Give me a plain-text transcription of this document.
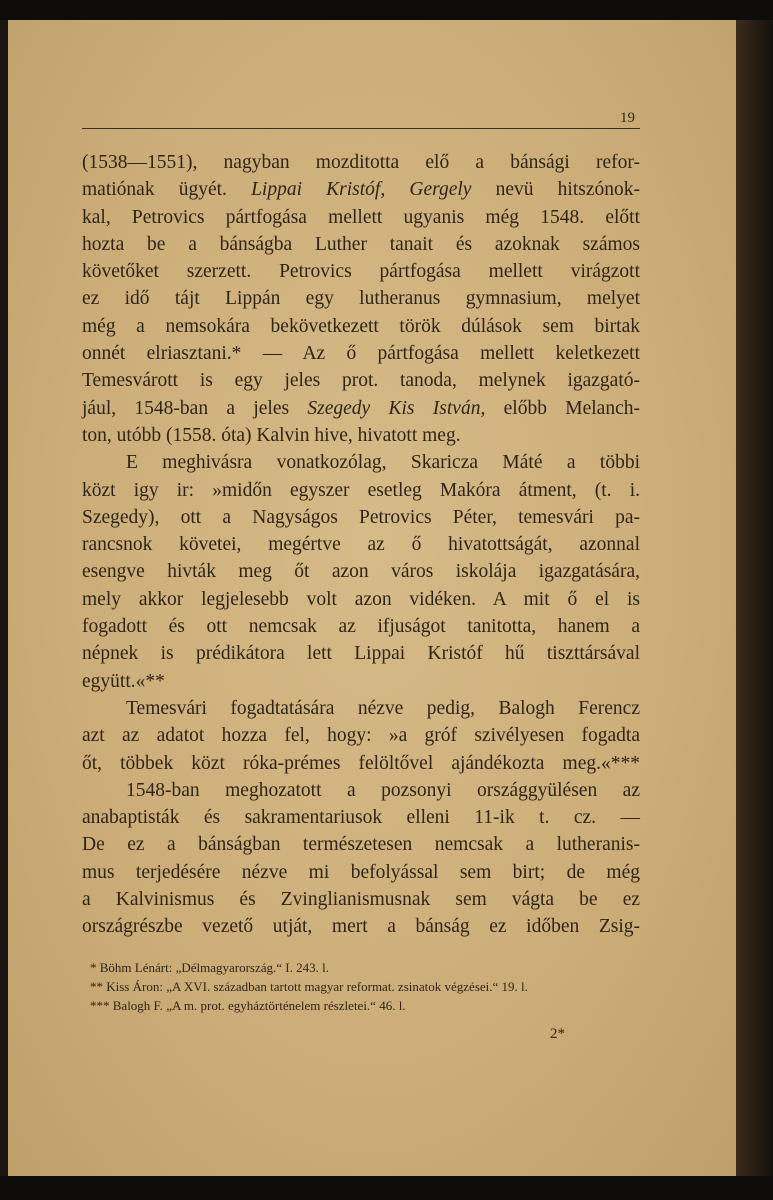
19
(1538—1551), nagyban mozditotta elő a bánsági refor-
matiónak ügyét. Lippai Kristóf, Gergely nevü hitszónok-
kal, Petrovics pártfogása mellett ugyanis még 1548. előtt
hozta be a bánságba Luther tanait és azoknak számos
követőket szerzett. Petrovics pártfogása mellett virágzott
ez idő tájt Lippán egy lutheranus gymnasium, melyet
még a nemsokára bekövetkezett török dúlások sem birtak
onnét elriasztani.* — Az ő pártfogása mellett keletkezett
Temesvárott is egy jeles prot. tanoda, melynek igazgató-
jául, 1548-ban a jeles Szegedy Kis István, előbb Melanch-
ton, utóbb (1558. óta) Kalvin hive, hivatott meg.
E meghivásra vonatkozólag, Skaricza Máté a többi
közt igy ir: »midőn egyszer esetleg Makóra átment, (t. i.
Szegedy), ott a Nagyságos Petrovics Péter, temesvári pa-
rancsnok követei, megértve az ő hivatottságát, azonnal
esengve hivták meg őt azon város iskolája igazgatására,
mely akkor legjelesebb volt azon vidéken. A mit ő el is
fogadott és ott nemcsak az ifjuságot tanitotta, hanem a
népnek is prédikátora lett Lippai Kristóf hű tiszttársával
együtt.«**
Temesvári fogadtatására nézve pedig, Balogh Ferencz
azt az adatot hozza fel, hogy: »a gróf szivélyesen fogadta
őt, többek közt róka-prémes felöltővel ajándékozta meg.«***
1548-ban meghozatott a pozsonyi országgyülésen az
anabaptisták és sakramentariusok elleni 11-ik t. cz. —
De ez a bánságban természetesen nemcsak a lutheranis-
mus terjedésére nézve mi befolyással sem birt; de még
a Kalvinismus és Zvinglianismusnak sem vágta be ez
országrészbe vezető utját, mert a bánság ez időben Zsig-
* Böhm Lénárt: „Délmagyarország.“ I. 243. l.
** Kiss Áron: „A XVI. században tartott magyar reformat. zsinatok végzései.“ 19. l.
*** Balogh F. „A m. prot. egyháztörténelem részletei.“ 46. l.
2*
